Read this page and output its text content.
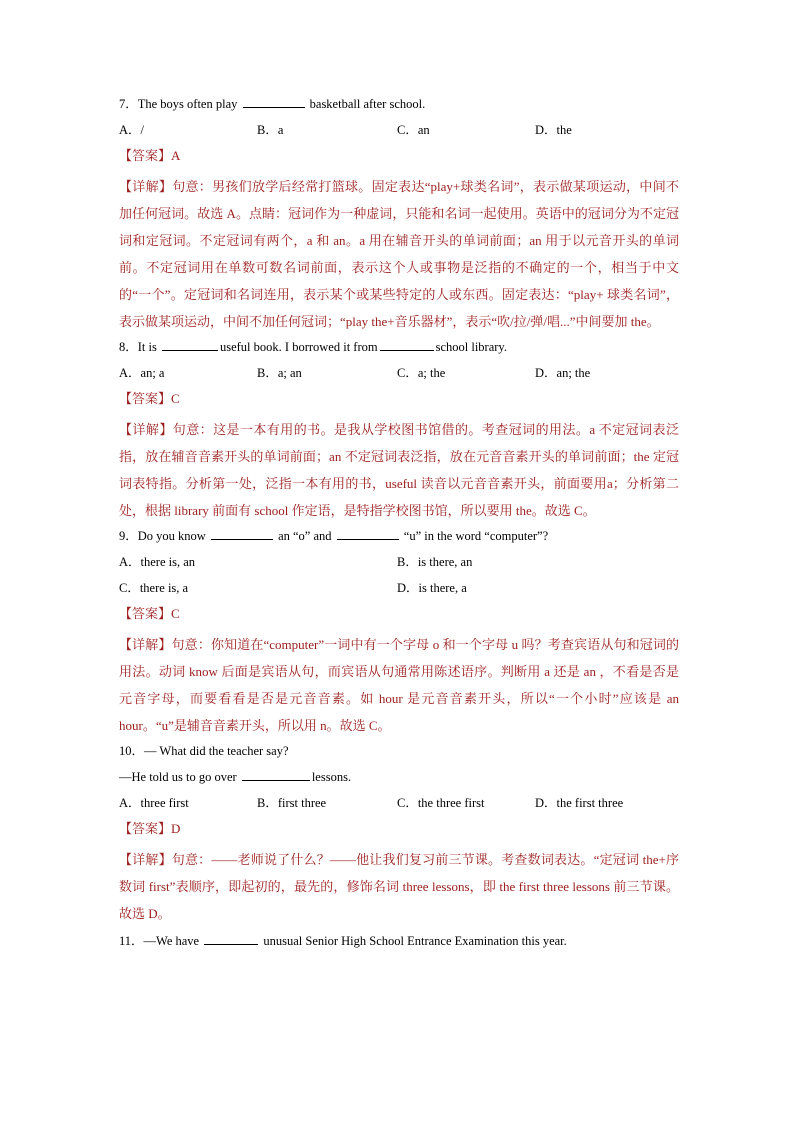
7．The boys often play	basketball after school.
A．/	B．a	C．an	D．the
【答案】A
【详解】句意：男孩们放学后经常打篮球。固定表达“play+球类名词”，表示做某项运动，中间不加任何冠词。故选 A。点睛：冠词作为一种虚词，只能和名词一起使用。英语中的冠词分为不定冠词和定冠词。不定冠词有两个，a 和 an。a 用在辅音开头的单词前面；an 用于以元音开头的单词前。不定冠词用在单数可数名词前面，表示这个人或事物是泛指的不确定的一个，相当于中文的“一个”。定冠词和名词连用，表示某个或某些特定的人或东西。固定表达：“play+ 球类名词”，表示做某项运动，中间不加任何冠词；“play the+音乐器材”，表示“吹/拉/弹/唱...”中间要加 the。
8．It is	useful book. I borrowed it from	school library.
A．an; a	B．a; an	C．a; the	D．an; the
【答案】C
【详解】句意：这是一本有用的书。是我从学校图书馆借的。考查冠词的用法。a 不定冠词表泛指，放在辅音音素开头的单词前面；an 不定冠词表泛指，放在元音音素开头的单词前面；the 定冠词表特指。分析第一处，泛指一本有用的书，useful 读音以元音音素开头，前面要用a；分析第二处，根据 library 前面有 school 作定语，是特指学校图书馆，所以要用 the。故选 C。
9．Do you know	an “o” and	“u” in the word “computer”?
A．there is, an	B．is there, an
C．there is, a	D．is there, a
【答案】C
【详解】句意：你知道在“computer”一词中有一个字母 o 和一个字母 u 吗？考查宾语从句和冠词的用法。动词 know 后面是宾语从句，而宾语从句通常用陈述语序。判断用 a 还是 an ，不看是否是元音字母，而要看看是否是元音音素。如 hour 是元音音素开头，所以“一个小时”应该是 an hour。“u”是辅音音素开头，所以用 n。故选 C。
10．— What did the teacher say?
—He told us to go over	lessons.
A．three first	B．first three	C．the three first	D．the first three
【答案】D
【详解】句意：——老师说了什么？——他让我们复习前三节课。考查数词表达。“定冠词 the+序数词 first”表顺序，即起初的，最先的，修饰名词 three lessons，即 the first three lessons 前三节课。故选 D。
11．—We have	unusual Senior High School Entrance Examination this year.
